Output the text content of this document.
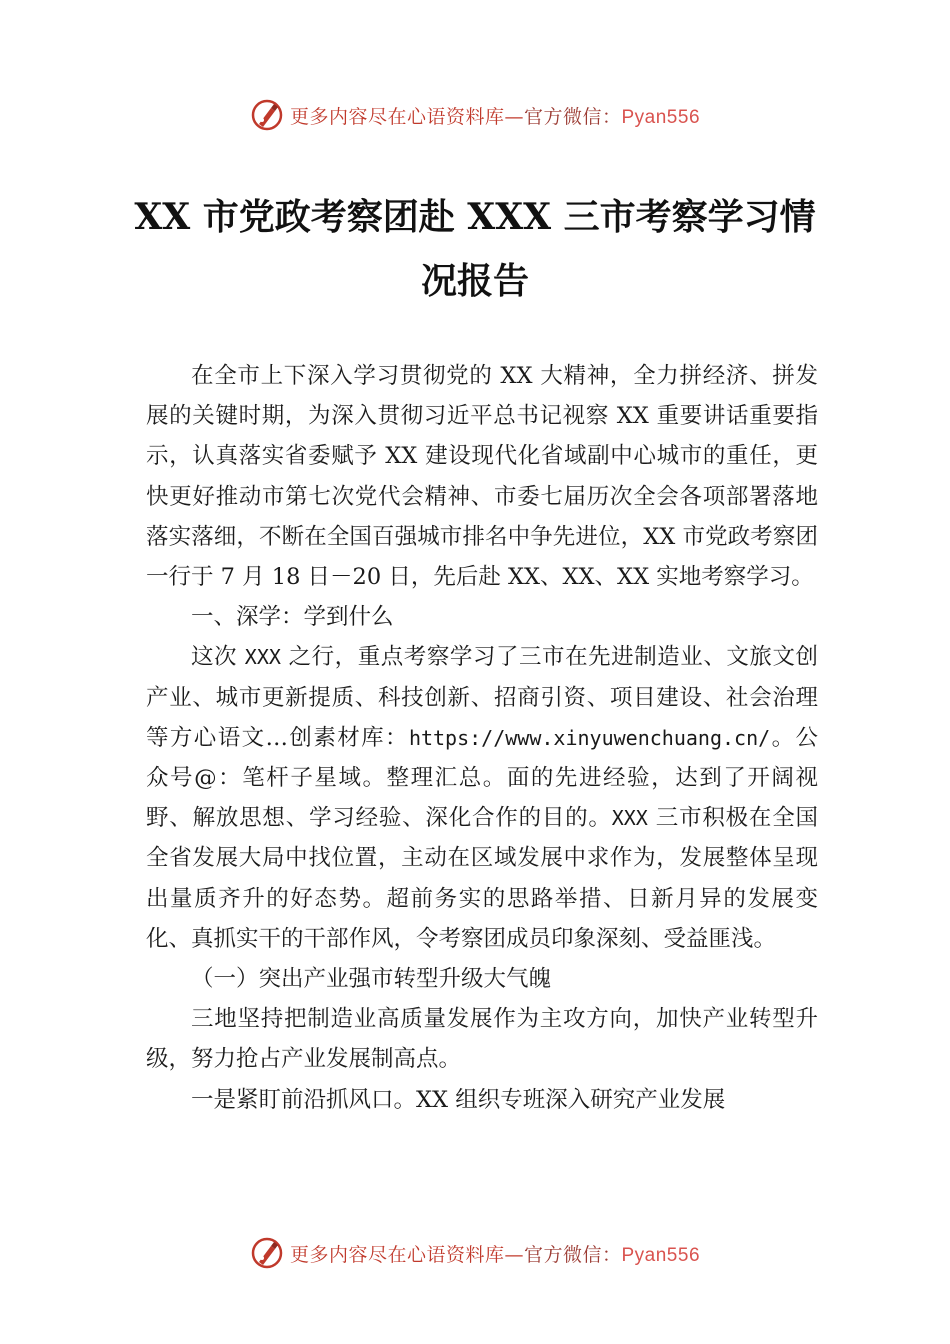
更多内容尽在心语资料库—官方微信：Pyan556
XX 市党政考察团赴 XXX 三市考察学习情况报告

在全市上下深入学习贯彻党的 XX 大精神，全力拼经济、拼发展的关键时期，为深入贯彻习近平总书记视察 XX 重要讲话重要指示，认真落实省委赋予 XX 建设现代化省域副中心城市的重任，更快更好推动市第七次党代会精神、市委七届历次全会各项部署落地落实落细，不断在全国百强城市排名中争先进位，XX 市党政考察团一行于 7 月 18 日－20 日，先后赴 XX、XX、XX 实地考察学习。

一、深学：学到什么

这次 XXX 之行，重点考察学习了三市在先进制造业、文旅文创产业、城市更新提质、科技创新、招商引资、项目建设、社会治理等方心语文…创素材库：https://www.xinyuwenchuang.cn/。公众号@：笔杆子星域。整理汇总。面的先进经验，达到了开阔视野、解放思想、学习经验、深化合作的目的。XXX 三市积极在全国全省发展大局中找位置，主动在区域发展中求作为，发展整体呈现出量质齐升的好态势。超前务实的思路举措、日新月异的发展变化、真抓实干的干部作风，令考察团成员印象深刻、受益匪浅。

（一）突出产业强市转型升级大气魄

三地坚持把制造业高质量发展作为主攻方向，加快产业转型升级，努力抢占产业发展制高点。

一是紧盯前沿抓风口。XX 组织专班深入研究产业发展

更多内容尽在心语资料库—官方微信：Pyan556
